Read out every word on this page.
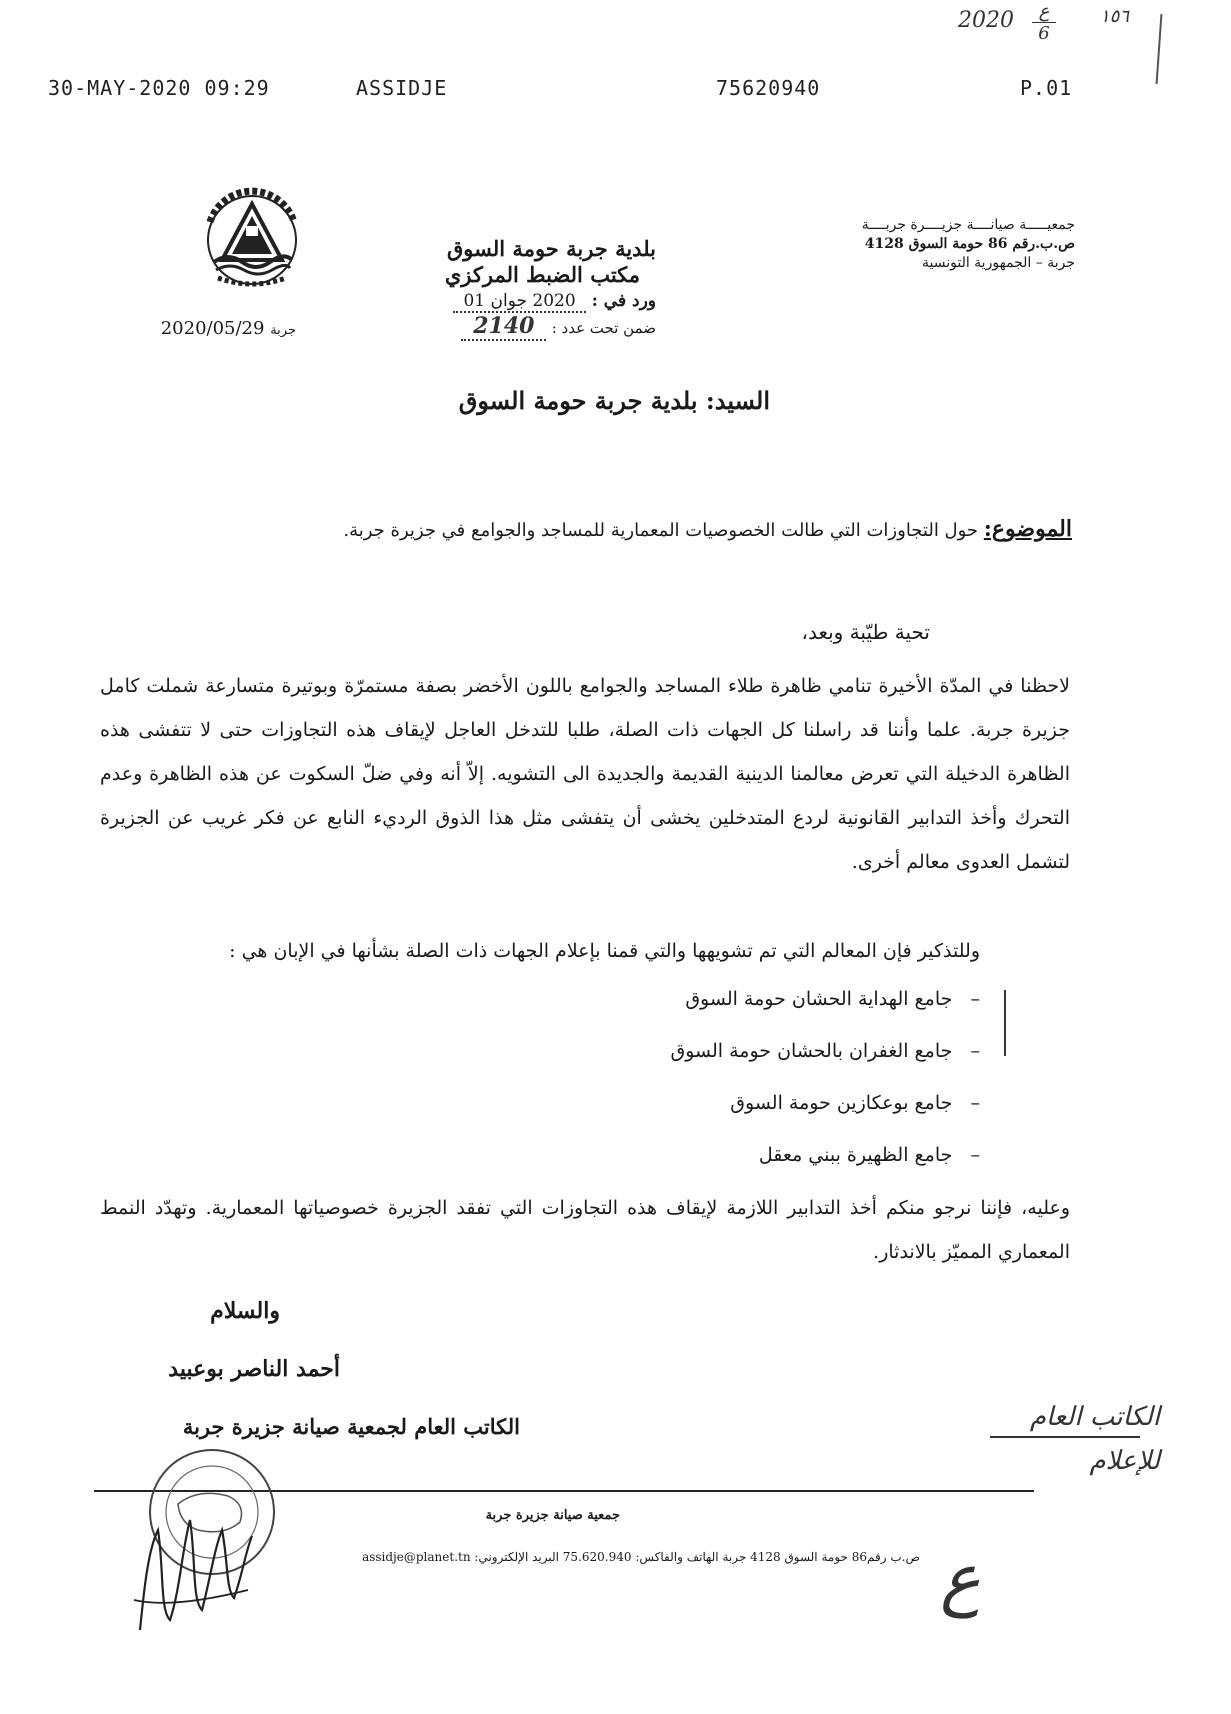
30-MAY-2020 09:29	ASSIDJE	75620940	P.01
2020	ع
6
١٥٦
جمعيـــــة صيانــــة جزيــــرة جربــــة
ص.ب.رقم 86 حومة السوق 4128
جربة – الجمهورية التونسية
بلدية جربة حومة السوق
مكتب الضبط المركزي
ورد في : 2020 جوان 01
ضمن تحت عدد : 2140
جربة 2020/05/29
السيد: بلدية جربة حومة السوق
الموضوع: حول التجاوزات التي طالت الخصوصيات المعمارية للمساجد والجوامع في جزيرة جربة.
تحية طيّبة وبعد،
لاحظنا في المدّة الأخيرة تنامي ظاهرة طلاء المساجد والجوامع باللون الأخضر بصفة مستمرّة وبوتيرة متسارعة شملت كامل جزيرة جربة. علما وأننا قد راسلنا كل الجهات ذات الصلة، طلبا للتدخل العاجل لإيقاف هذه التجاوزات حتى لا تتفشى هذه الظاهرة الدخيلة التي تعرض معالمنا الدينية القديمة والجديدة الى التشويه. إلاّ أنه وفي ضلّ السكوت عن هذه الظاهرة وعدم التحرك وأخذ التدابير القانونية لردع المتدخلين يخشى أن يتفشى مثل هذا الذوق الرديء النابع عن فكر غريب عن الجزيرة لتشمل العدوى معالم أخرى.
وللتذكير فإن المعالم التي تم تشويهها والتي قمنا بإعلام الجهات ذات الصلة بشأنها في الإبان هي :
–   جامع الهداية الحشان حومة السوق
–   جامع الغفران بالحشان حومة السوق
–   جامع بوعكازين حومة السوق
–   جامع الظهيرة ببني معقل
وعليه، فإننا نرجو منكم أخذ التدابير اللازمة لإيقاف هذه التجاوزات التي تفقد الجزيرة خصوصياتها المعمارية. وتهدّد النمط المعماري المميّز بالاندثار.
والسلام
أحمد الناصر بوعبيد
الكاتب العام لجمعية صيانة جزيرة جربة	الكاتب العام
للإعلام
جمعية صيانة جزيرة جربة
ص.ب رقم86 حومة السوق 4128 جربة الهاتف والفاكس: 75.620.940 البريد الإلكتروني: assidje@planet.tn ع
